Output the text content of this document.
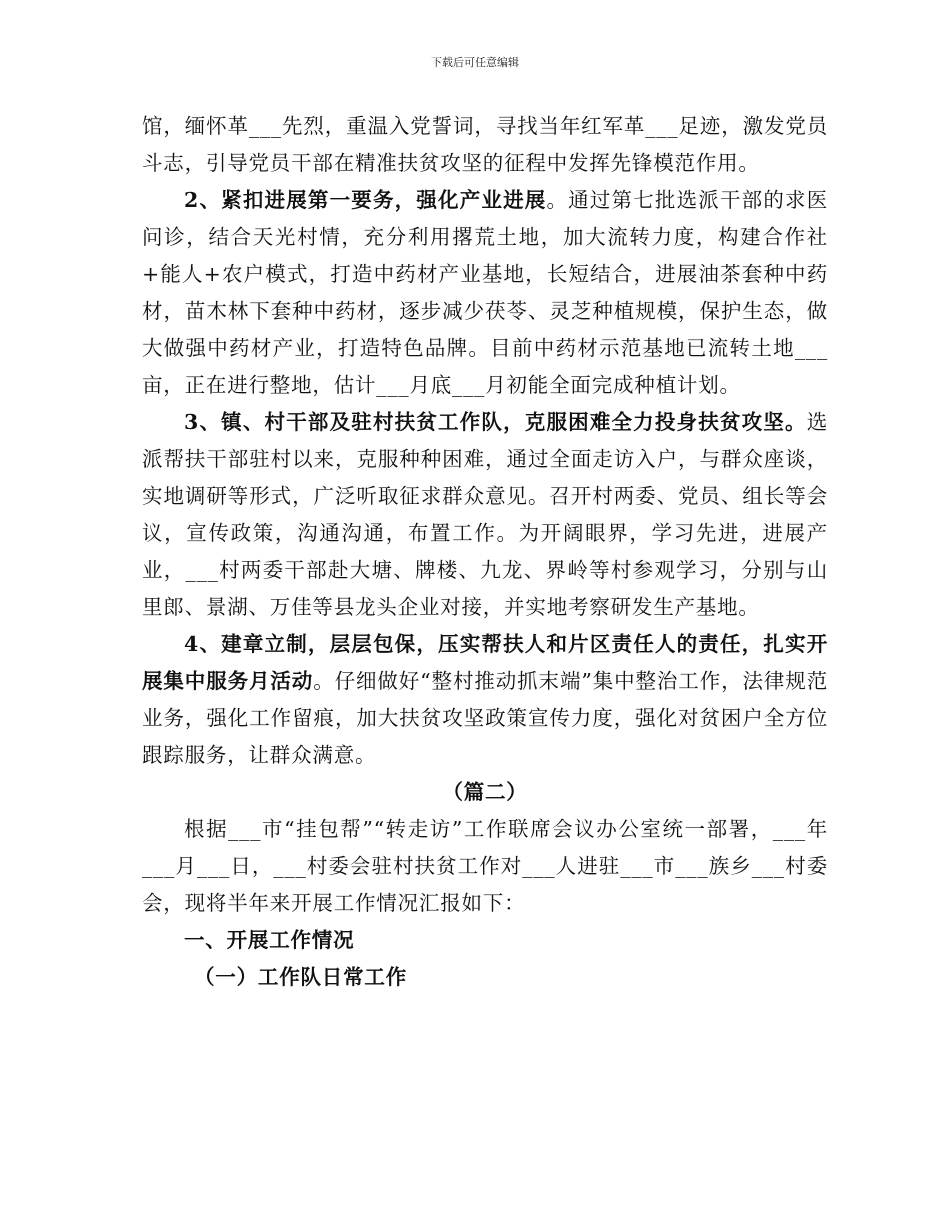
下载后可任意编辑

馆，缅怀革___先烈，重温入党誓词，寻找当年红军革___足迹，激发党员斗志，引导党员干部在精准扶贫攻坚的征程中发挥先锋模范作用。

2、紧扣进展第一要务，强化产业进展。通过第七批选派干部的求医问诊，结合天光村情，充分利用撂荒土地，加大流转力度，构建合作社+能人+农户模式，打造中药材产业基地，长短结合，进展油茶套种中药材，苗木林下套种中药材，逐步减少茯苓、灵芝种植规模，保护生态，做大做强中药材产业，打造特色品牌。目前中药材示范基地已流转土地___亩，正在进行整地，估计___月底___月初能全面完成种植计划。

3、镇、村干部及驻村扶贫工作队，克服困难全力投身扶贫攻坚。选派帮扶干部驻村以来，克服种种困难，通过全面走访入户，与群众座谈，实地调研等形式，广泛听取征求群众意见。召开村两委、党员、组长等会议，宣传政策，沟通沟通，布置工作。为开阔眼界，学习先进，进展产业，___村两委干部赴大塘、牌楼、九龙、界岭等村参观学习，分别与山里郎、景湖、万佳等县龙头企业对接，并实地考察研发生产基地。

4、建章立制，层层包保，压实帮扶人和片区责任人的责任，扎实开展集中服务月活动。仔细做好“整村推动抓末端”集中整治工作，法律规范业务，强化工作留痕，加大扶贫攻坚政策宣传力度，强化对贫困户全方位跟踪服务，让群众满意。

（篇二）

根据___市“挂包帮”“转走访”工作联席会议办公室统一部署，___年___月___日，___村委会驻村扶贫工作对___人进驻___市___族乡___村委会，现将半年来开展工作情况汇报如下：

一、开展工作情况

（一）工作队日常工作
